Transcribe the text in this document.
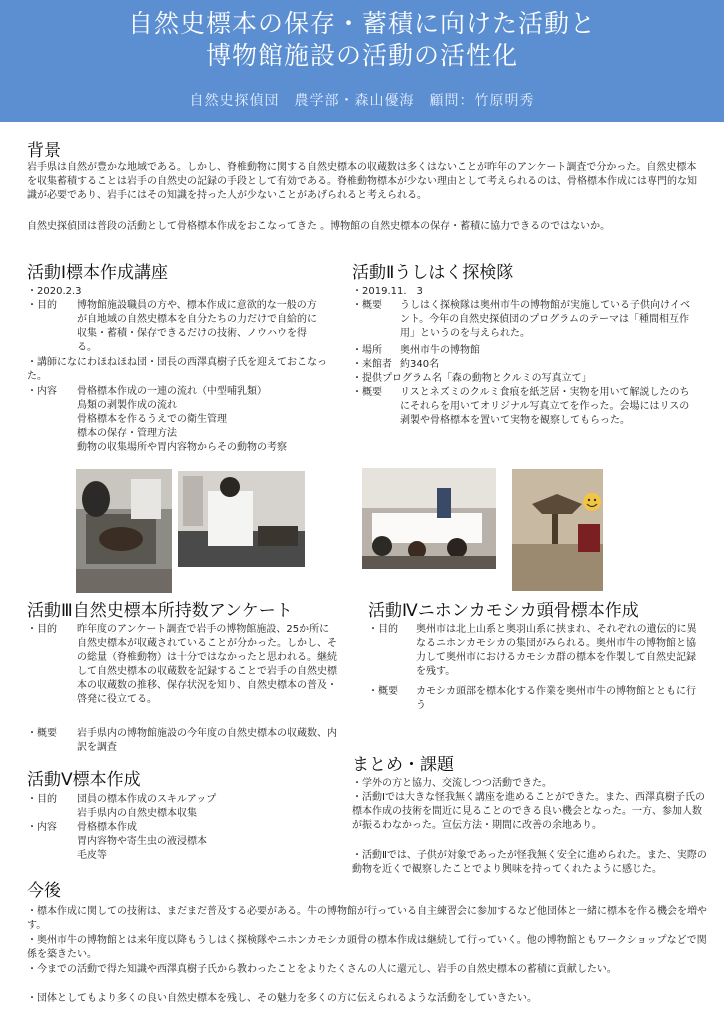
自然史標本の保存・蓄積に向けた活動と
博物館施設の活動の活性化
自然史探偵団　農学部・森山優海　顧問：竹原明秀
背景

岩手県は自然が豊かな地域である。しかし、脊椎動物に関する自然史標本の収蔵数は多くはないことが昨年のアンケート調査で分かった。自然史標本を収集蓄積することは岩手の自然史の記録の手段として有効である。脊椎動物標本が少ない理由として考えられるのは、骨格標本作成には専門的な知識が必要であり、岩手にはその知識を持った人が少ないことがあげられると考えられる。

自然史探偵団は普段の活動として骨格標本作成をおこなってきた 。博物館の自然史標本の保存・蓄積に協力できるのではないか。

活動Ⅰ標本作成講座
・2020.2.3
・目的 博物館施設職員の方や、標本作成に意欲的な一般の方が自地域の自然史標本を自分たちの力だけで自給的に収集・蓄積・保存できるだけの技術、ノウハウを得る。
・講師になにわほねほね団・団長の西澤真樹子氏を迎えておこなった。
・内容 骨格標本作成の一連の流れ（中型哺乳類）
鳥類の剥製作成の流れ
骨格標本を作るうえでの衛生管理
標本の保存・管理方法
動物の収集場所や胃内容物からその動物の考察
活動Ⅱうしはく探検隊
・2019.11.　3
・概要 うしはく探検隊は奥州市牛の博物館が実施している子供向けイベント。今年の自然史探偵団のプログラムのテーマは「種間相互作用」というのを与えられた。
・場所 奥州市牛の博物館
・来館者 約340名
・提供プログラム名「森の動物とクルミの写真立て」
・概要 リスとネズミのクルミ食痕を紙芝居・実物を用いて解説したのちにそれらを用いてオリジナル写真立てを作った。会場にはリスの剥製や骨格標本を置いて実物を観察してもらった。
活動Ⅲ自然史標本所持数アンケート
・目的 昨年度のアンケート調査で岩手の博物館施設、25か所に自然史標本が収蔵されていることが分かった。しかし、その総量（脊椎動物）は十分ではなかったと思われる。継続して自然史標本の収蔵数を記録することで岩手の自然史標本の収蔵数の推移、保存状況を知り、自然史標本の普及・啓発に役立てる。
・概要 岩手県内の博物館施設の今年度の自然史標本の収蔵数、内訳を調査
活動Ⅳニホンカモシカ頭骨標本作成
・目的 奥州市は北上山系と奥羽山系に挟まれ、それぞれの遺伝的に異なるニホンカモシカの集団がみられる。奥州市牛の博物館と協力して奥州市におけるカモシカ群の標本を作製して自然史記録を残す。
・概要 カモシカ頭部を標本化する作業を奥州市牛の博物館とともに行う
活動Ⅴ標本作成
・目的 団員の標本作成のスキルアップ
岩手県内の自然史標本収集
・内容 骨格標本作成
胃内容物や寄生虫の液浸標本
毛皮等
まとめ・課題
・学外の方と協力、交流しつつ活動できた。
・活動Ⅰでは大きな怪我無く講座を進めることができた。また、西澤真樹子氏の標本作成の技術を間近に見ることのできる良い機会となった。一方、参加人数が振るわなかった。宣伝方法・期間に改善の余地あり。
・活動Ⅱでは、子供が対象であったが怪我無く安全に進められた。また、実際の動物を近くで観察したことでより興味を持ってくれたように感じた。
今後
・標本作成に関しての技術は、まだまだ普及する必要がある。牛の博物館が行っている自主練習会に参加するなど他団体と一緒に標本を作る機会を増やす。
・奥州市牛の博物館とは来年度以降もうしはく探検隊やニホンカモシカ頭骨の標本作成は継続して行っていく。他の博物館ともワークショップなどで関係を築きたい。
・今までの活動で得た知識や西澤真樹子氏から教わったことをよりたくさんの人に還元し、岩手の自然史標本の蓄積に貢献したい。
・団体としてもより多くの良い自然史標本を残し、その魅力を多くの方に伝えられるような活動をしていきたい。
